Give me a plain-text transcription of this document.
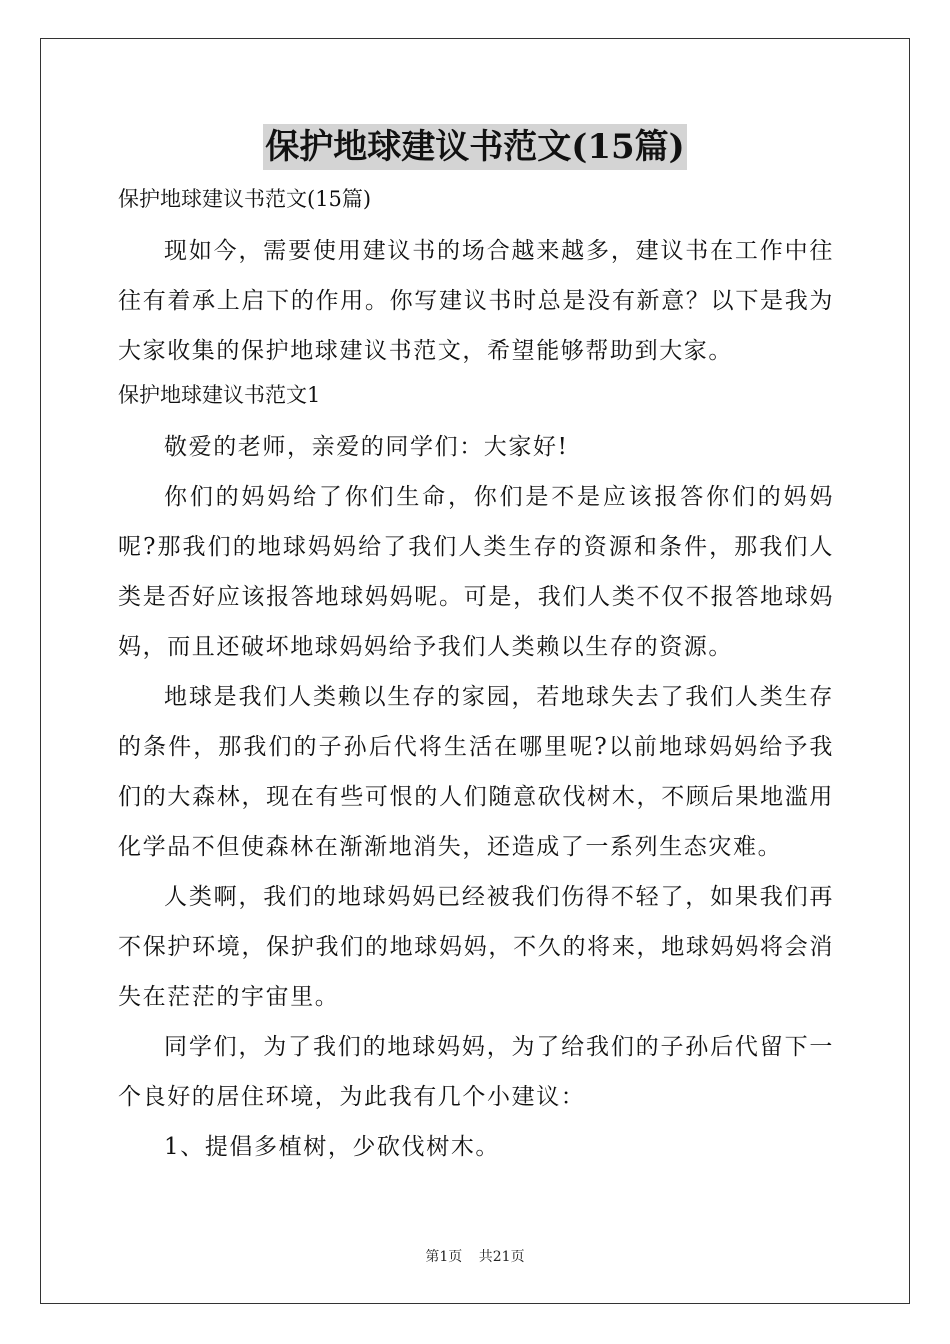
保护地球建议书范文(15篇)

保护地球建议书范文(15篇)

现如今，需要使用建议书的场合越来越多，建议书在工作中往往有着承上启下的作用。你写建议书时总是没有新意？以下是我为大家收集的保护地球建议书范文，希望能够帮助到大家。

保护地球建议书范文1

敬爱的老师，亲爱的同学们：大家好!

你们的妈妈给了你们生命，你们是不是应该报答你们的妈妈呢?那我们的地球妈妈给了我们人类生存的资源和条件，那我们人类是否好应该报答地球妈妈呢。可是，我们人类不仅不报答地球妈妈，而且还破坏地球妈妈给予我们人类赖以生存的资源。

地球是我们人类赖以生存的家园，若地球失去了我们人类生存的条件，那我们的子孙后代将生活在哪里呢?以前地球妈妈给予我们的大森林，现在有些可恨的人们随意砍伐树木，不顾后果地滥用化学品不但使森林在渐渐地消失，还造成了一系列生态灾难。

人类啊，我们的地球妈妈已经被我们伤得不轻了，如果我们再不保护环境，保护我们的地球妈妈，不久的将来，地球妈妈将会消失在茫茫的宇宙里。

同学们，为了我们的地球妈妈，为了给我们的子孙后代留下一个良好的居住环境，为此我有几个小建议：

1、提倡多植树，少砍伐树木。

第1页 共21页
